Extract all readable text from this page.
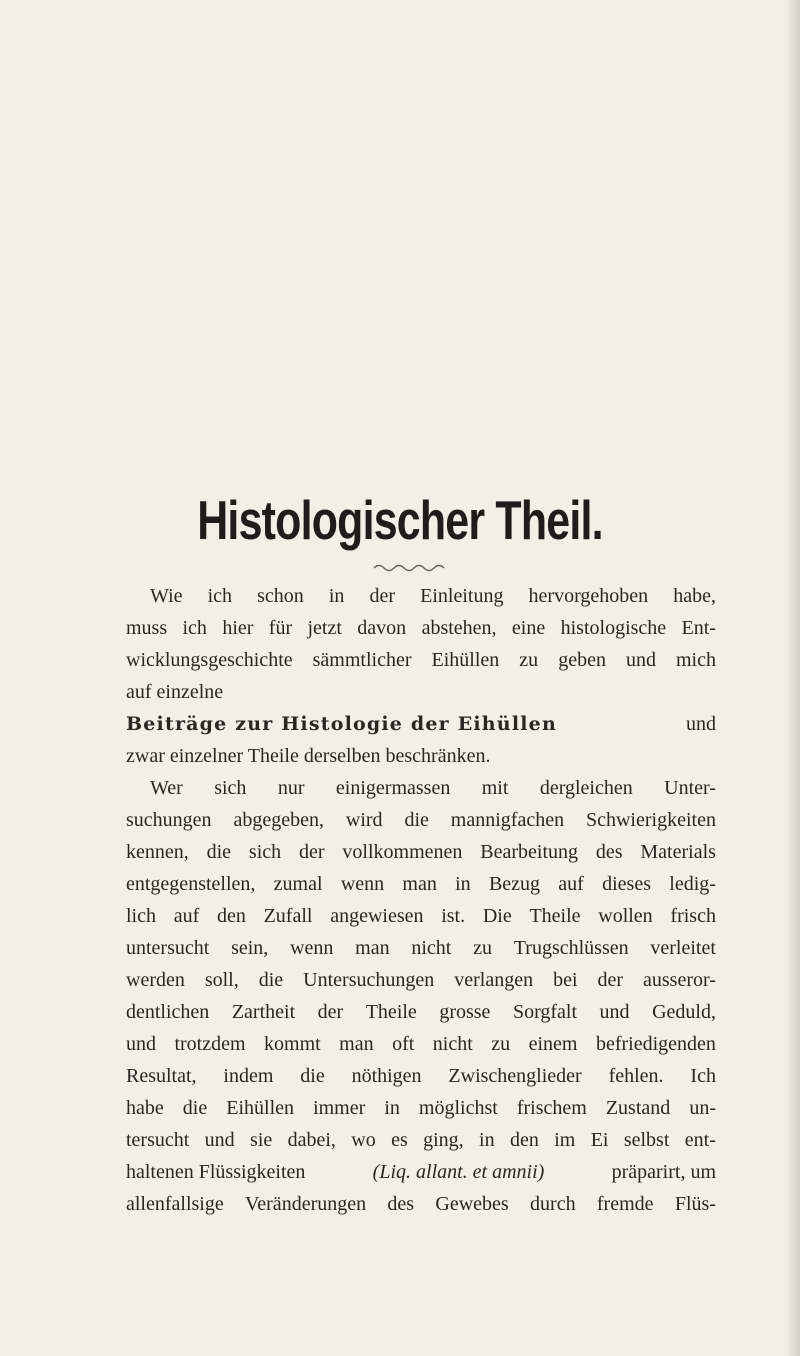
Histologischer Theil.
Wie ich schon in der Einleitung hervorgehoben habe,
muss ich hier für jetzt davon abstehen, eine histologische Ent-
wicklungsgeschichte sämmtlicher Eihüllen zu geben und mich
auf einzelne
Beiträge zur Histologie der Eihüllen	und
zwar einzelner Theile derselben beschränken.
Wer sich nur einigermassen mit dergleichen Unter-
suchungen abgegeben, wird die mannigfachen Schwierigkeiten
kennen, die sich der vollkommenen Bearbeitung des Materials
entgegenstellen, zumal wenn man in Bezug auf dieses ledig-
lich auf den Zufall angewiesen ist. Die Theile wollen frisch
untersucht sein, wenn man nicht zu Trugschlüssen verleitet
werden soll, die Untersuchungen verlangen bei der ausseror-
dentlichen Zartheit der Theile grosse Sorgfalt und Geduld,
und trotzdem kommt man oft nicht zu einem befriedigenden
Resultat, indem die nöthigen Zwischenglieder fehlen. Ich
habe die Eihüllen immer in möglichst frischem Zustand un-
tersucht und sie dabei, wo es ging, in den im Ei selbst ent-
haltenen Flüssigkeiten	(Liq. allant. et amnii)	präparirt, um
allenfallsige Veränderungen des Gewebes durch fremde Flüs-
